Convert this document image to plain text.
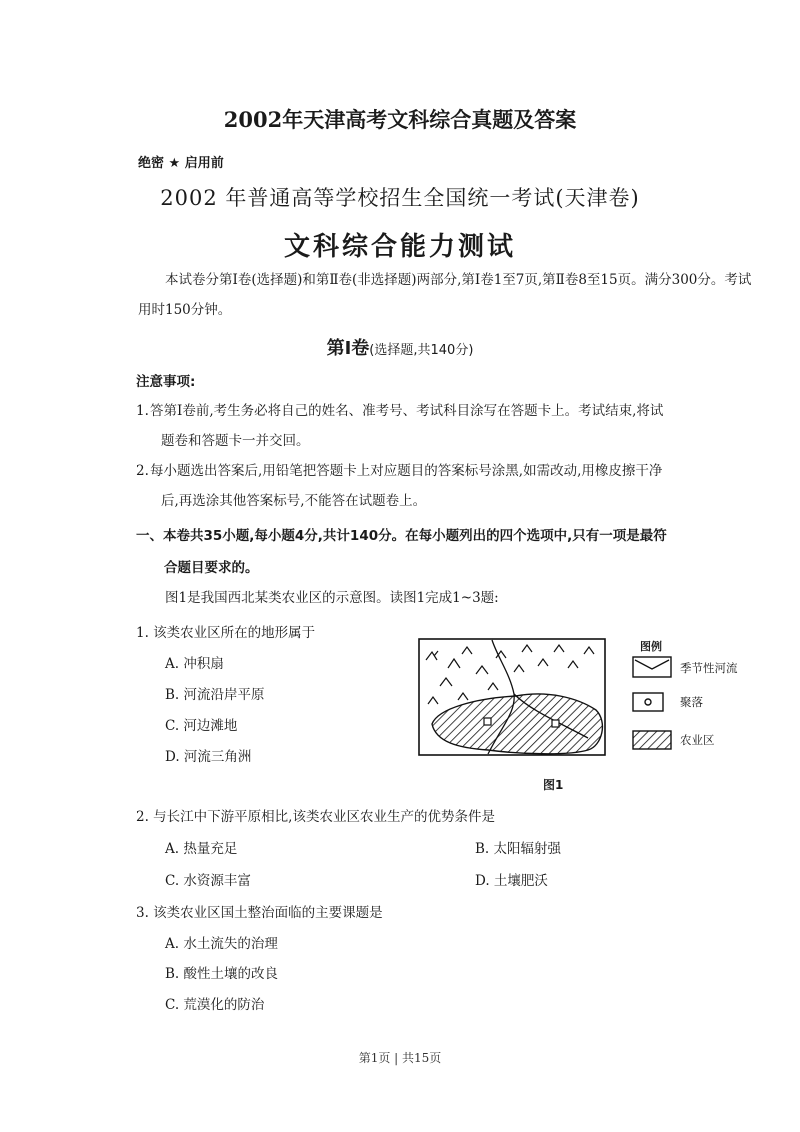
2002年天津高考文科综合真题及答案
绝密 ★ 启用前
2002 年普通高等学校招生全国统一考试(天津卷)
文科综合能力测试
本试卷分第Ⅰ卷(选择题)和第Ⅱ卷(非选择题)两部分,第Ⅰ卷1至7页,第Ⅱ卷8至15页。满分300分。考试用时150分钟。
第Ⅰ卷(选择题,共140分)
注意事项:
1.答第Ⅰ卷前,考生务必将自己的姓名、准考号、考试科目涂写在答题卡上。考试结束,将试
题卷和答题卡一并交回。
2.每小题选出答案后,用铅笔把答题卡上对应题目的答案标号涂黑,如需改动,用橡皮擦干净
后,再选涂其他答案标号,不能答在试题卷上。
一、本卷共35小题,每小题4分,共计140分。在每小题列出的四个选项中,只有一项是最符
合题目要求的。
图1是我国西北某类农业区的示意图。读图1完成1~3题:
1. 该类农业区所在的地形属于
A. 冲积扇
B. 河流沿岸平原
C. 河边滩地
D. 河流三角洲
图例
季节性河流
聚落
农业区
图1
2. 与长江中下游平原相比,该类农业区农业生产的优势条件是
A. 热量充足	B. 太阳辐射强
C. 水资源丰富	D. 土壤肥沃
3. 该类农业区国土整治面临的主要课题是
A. 水土流失的治理
B. 酸性土壤的改良
C. 荒漠化的防治
第1页 | 共15页
